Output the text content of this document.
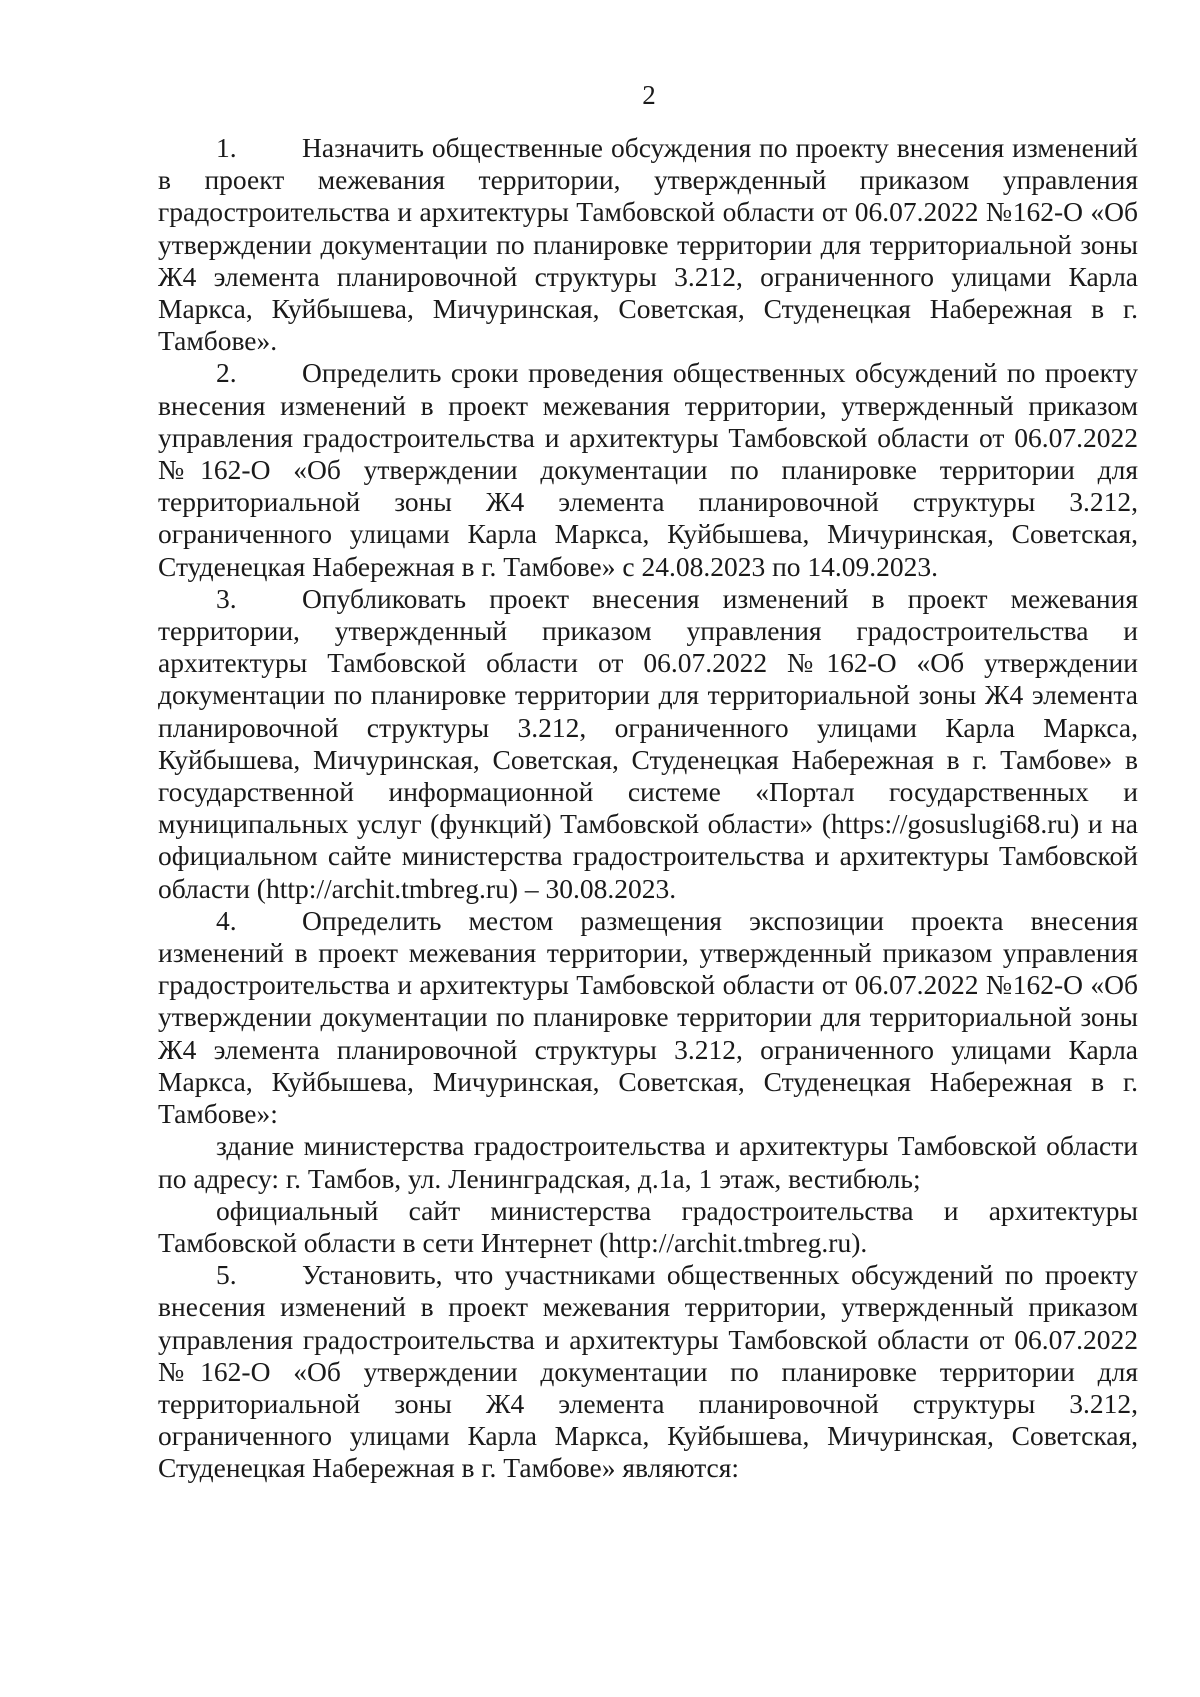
2

1. Назначить общественные обсуждения по проекту внесения изменений в проект межевания территории, утвержденный приказом управления градостроительства и архитектуры Тамбовской области от 06.07.2022 №162-О «Об утверждении документации по планировке территории для территориальной зоны Ж4 элемента планировочной структуры 3.212, ограниченного улицами Карла Маркса, Куйбышева, Мичуринская, Советская, Студенецкая Набережная в г. Тамбове».

2. Определить сроки проведения общественных обсуждений по проекту внесения изменений в проект межевания территории, утвержденный приказом управления градостроительства и архитектуры Тамбовской области от 06.07.2022 №162-О «Об утверждении документации по планировке территории для территориальной зоны Ж4 элемента планировочной структуры 3.212, ограниченного улицами Карла Маркса, Куйбышева, Мичуринская, Советская, Студенецкая Набережная в г. Тамбове» с 24.08.2023 по 14.09.2023.

3. Опубликовать проект внесения изменений в проект межевания территории, утвержденный приказом управления градостроительства и архитектуры Тамбовской области от 06.07.2022 №162-О «Об утверждении документации по планировке территории для территориальной зоны Ж4 элемента планировочной структуры 3.212, ограниченного улицами Карла Маркса, Куйбышева, Мичуринская, Советская, Студенецкая Набережная в г. Тамбове» в государственной информационной системе «Портал государственных и муниципальных услуг (функций) Тамбовской области» (https://gosuslugi68.ru) и на официальном сайте министерства градостроительства и архитектуры Тамбовской области (http://archit.tmbreg.ru) – 30.08.2023.

4. Определить местом размещения экспозиции проекта внесения изменений в проект межевания территории, утвержденный приказом управления градостроительства и архитектуры Тамбовской области от 06.07.2022 №162-О «Об утверждении документации по планировке территории для территориальной зоны Ж4 элемента планировочной структуры 3.212, ограниченного улицами Карла Маркса, Куйбышева, Мичуринская, Советская, Студенецкая Набережная в г. Тамбове»:

здание министерства градостроительства и архитектуры Тамбовской области по адресу: г. Тамбов, ул. Ленинградская, д.1а, 1 этаж, вестибюль;

официальный сайт министерства градостроительства и архитектуры Тамбовской области в сети Интернет (http://archit.tmbreg.ru).

5. Установить, что участниками общественных обсуждений по проекту внесения изменений в проект межевания территории, утвержденный приказом управления градостроительства и архитектуры Тамбовской области от 06.07.2022 №162-О «Об утверждении документации по планировке территории для территориальной зоны Ж4 элемента планировочной структуры 3.212, ограниченного улицами Карла Маркса, Куйбышева, Мичуринская, Советская, Студенецкая Набережная в г. Тамбове» являются:
